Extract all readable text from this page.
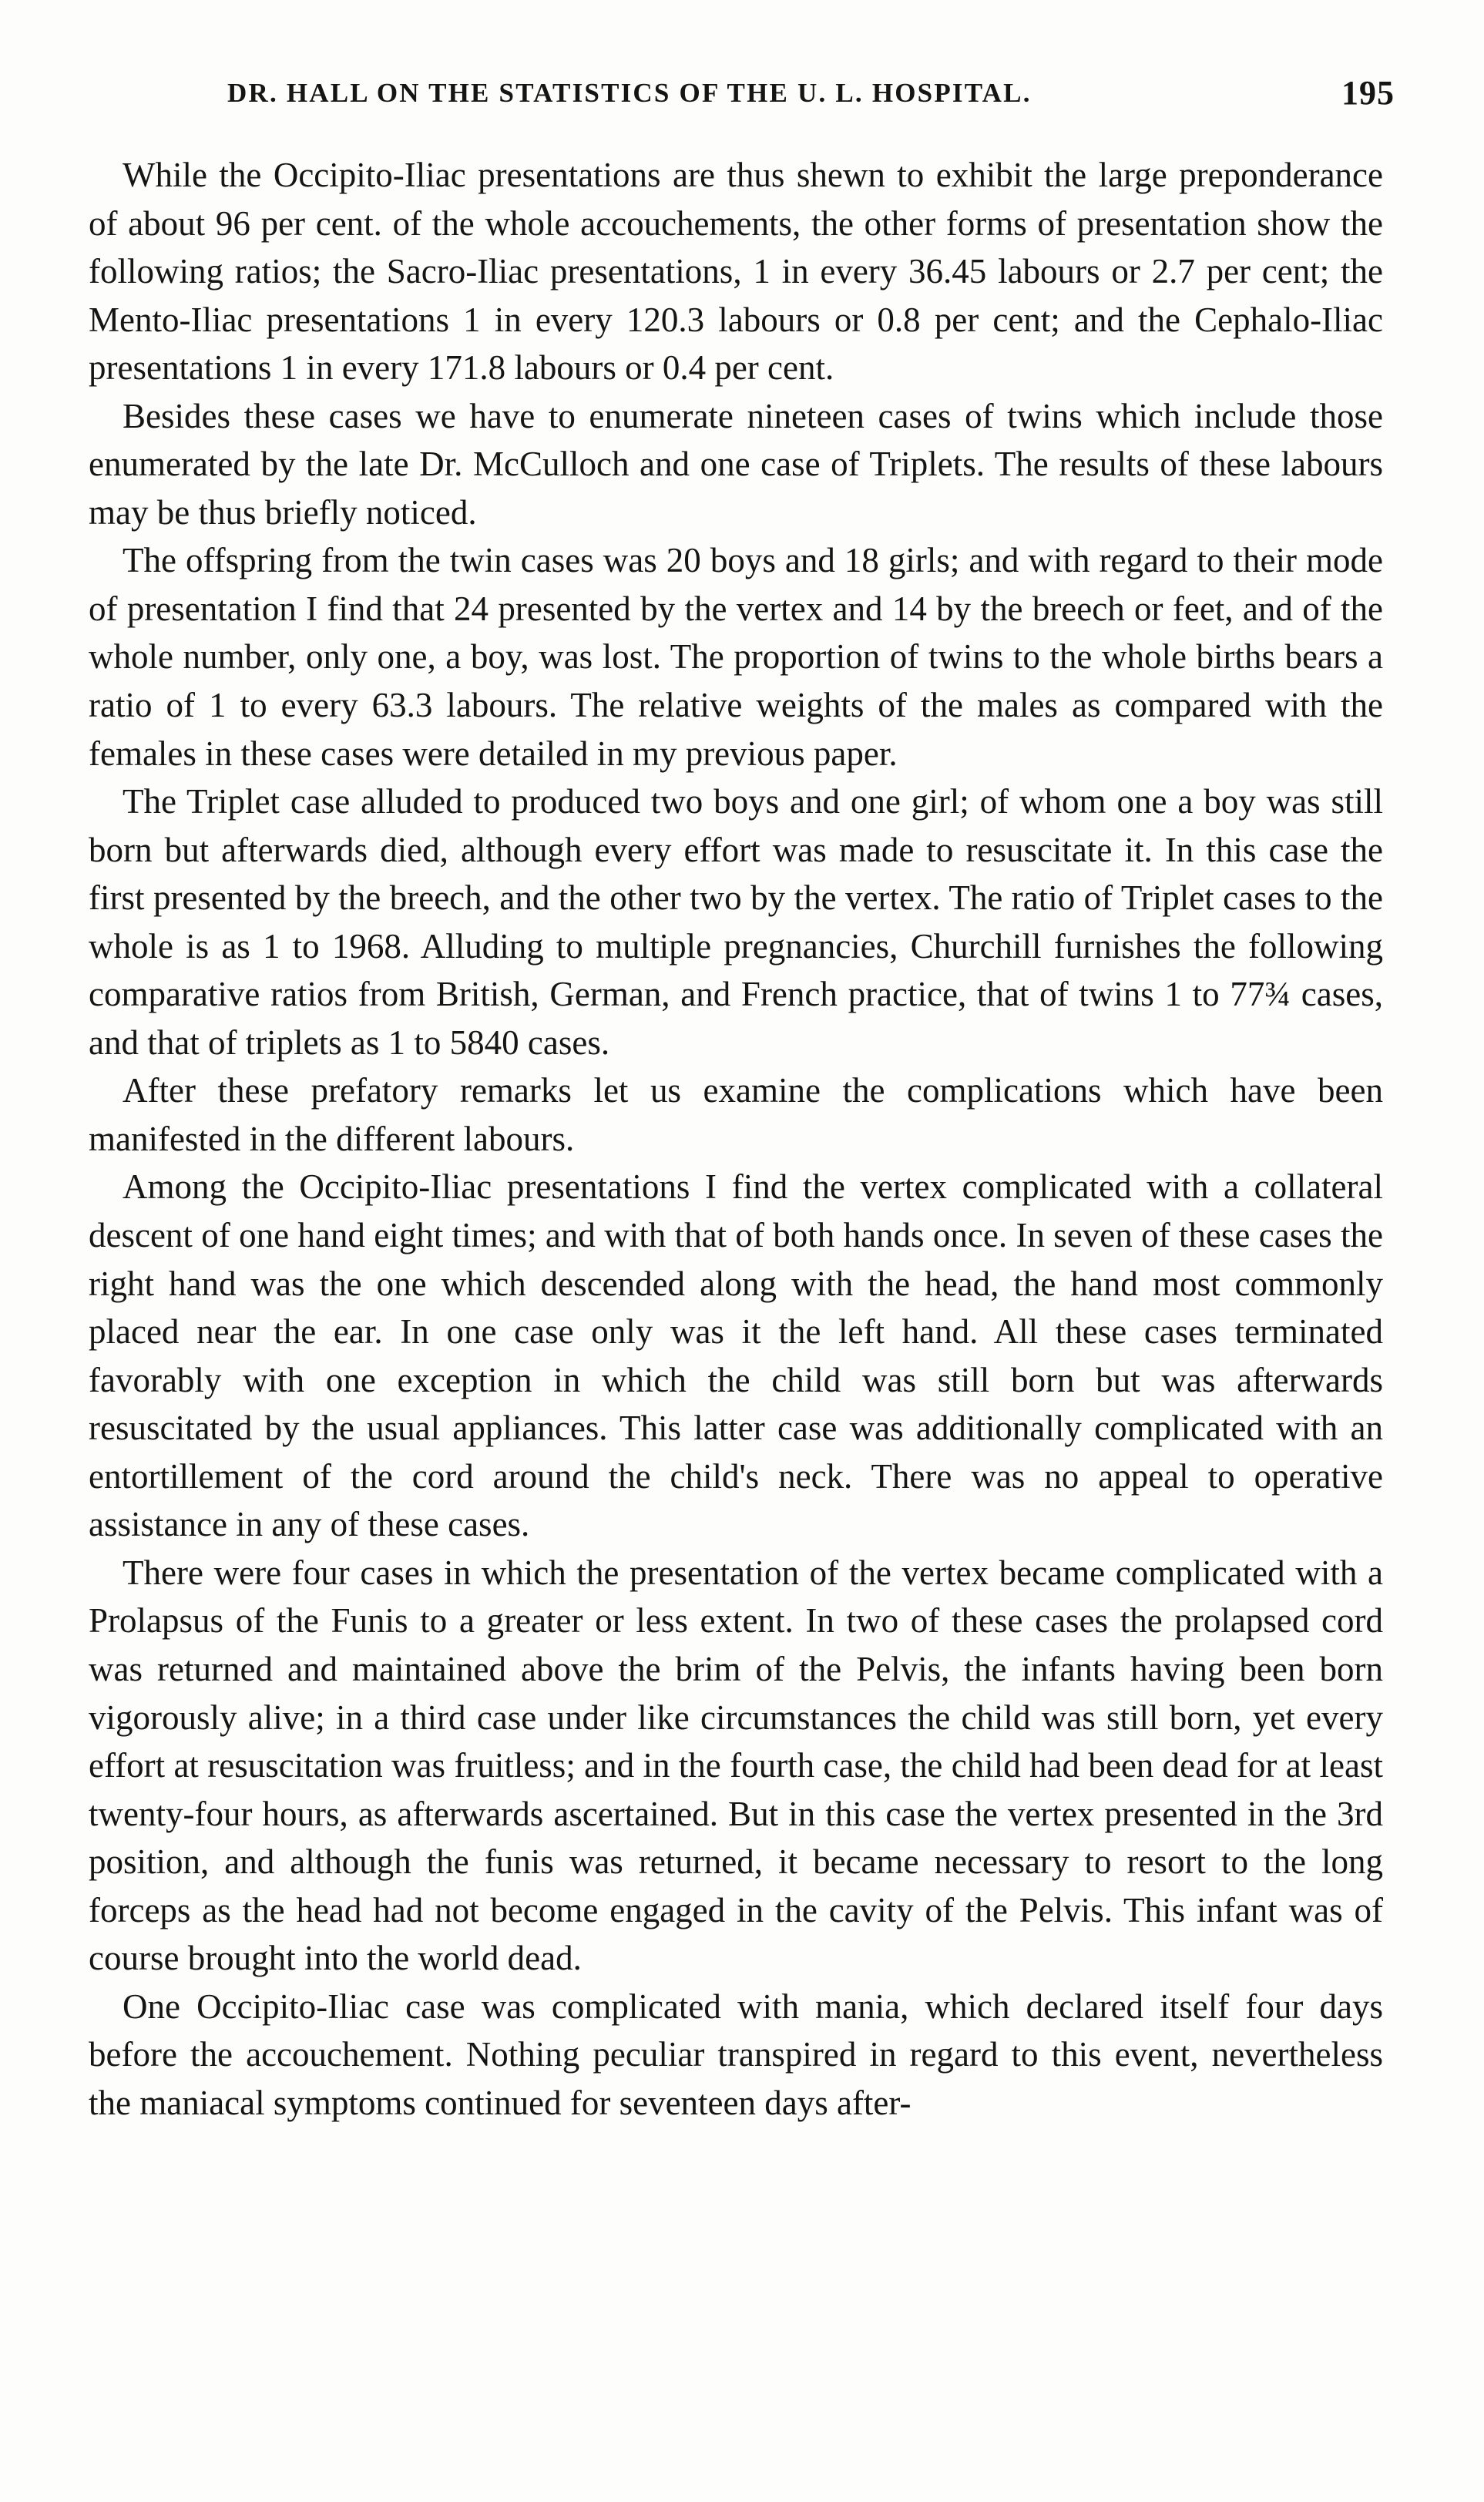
DR. HALL ON THE STATISTICS OF THE U. L. HOSPITAL.	195

While the Occipito-Iliac presentations are thus shewn to exhibit the large preponderance of about 96 per cent. of the whole accouchements, the other forms of presentation show the following ratios; the Sacro-Iliac presentations, 1 in every 36.45 labours or 2.7 per cent; the Mento-Iliac presentations 1 in every 120.3 labours or 0.8 per cent; and the Cephalo-Iliac presentations 1 in every 171.8 labours or 0.4 per cent.

Besides these cases we have to enumerate nineteen cases of twins which include those enumerated by the late Dr. McCulloch and one case of Triplets. The results of these labours may be thus briefly noticed.

The offspring from the twin cases was 20 boys and 18 girls; and with regard to their mode of presentation I find that 24 presented by the vertex and 14 by the breech or feet, and of the whole number, only one, a boy, was lost. The proportion of twins to the whole births bears a ratio of 1 to every 63.3 labours. The relative weights of the males as compared with the females in these cases were detailed in my previous paper.

The Triplet case alluded to produced two boys and one girl; of whom one a boy was still born but afterwards died, although every effort was made to resuscitate it. In this case the first presented by the breech, and the other two by the vertex. The ratio of Triplet cases to the whole is as 1 to 1968. Alluding to multiple pregnancies, Churchill furnishes the following comparative ratios from British, German, and French practice, that of twins 1 to 77¾ cases, and that of triplets as 1 to 5840 cases.

After these prefatory remarks let us examine the complications which have been manifested in the different labours.

Among the Occipito-Iliac presentations I find the vertex complicated with a collateral descent of one hand eight times; and with that of both hands once. In seven of these cases the right hand was the one which descended along with the head, the hand most commonly placed near the ear. In one case only was it the left hand. All these cases terminated favorably with one exception in which the child was still born but was afterwards resuscitated by the usual appliances. This latter case was additionally complicated with an entortillement of the cord around the child's neck. There was no appeal to operative assistance in any of these cases.

There were four cases in which the presentation of the vertex became complicated with a Prolapsus of the Funis to a greater or less extent. In two of these cases the prolapsed cord was returned and maintained above the brim of the Pelvis, the infants having been born vigorously alive; in a third case under like circumstances the child was still born, yet every effort at resuscitation was fruitless; and in the fourth case, the child had been dead for at least twenty-four hours, as afterwards ascertained. But in this case the vertex presented in the 3rd position, and although the funis was returned, it became necessary to resort to the long forceps as the head had not become engaged in the cavity of the Pelvis. This infant was of course brought into the world dead.

One Occipito-Iliac case was complicated with mania, which declared itself four days before the accouchement. Nothing peculiar transpired in regard to this event, nevertheless the maniacal symptoms continued for seventeen days after-
